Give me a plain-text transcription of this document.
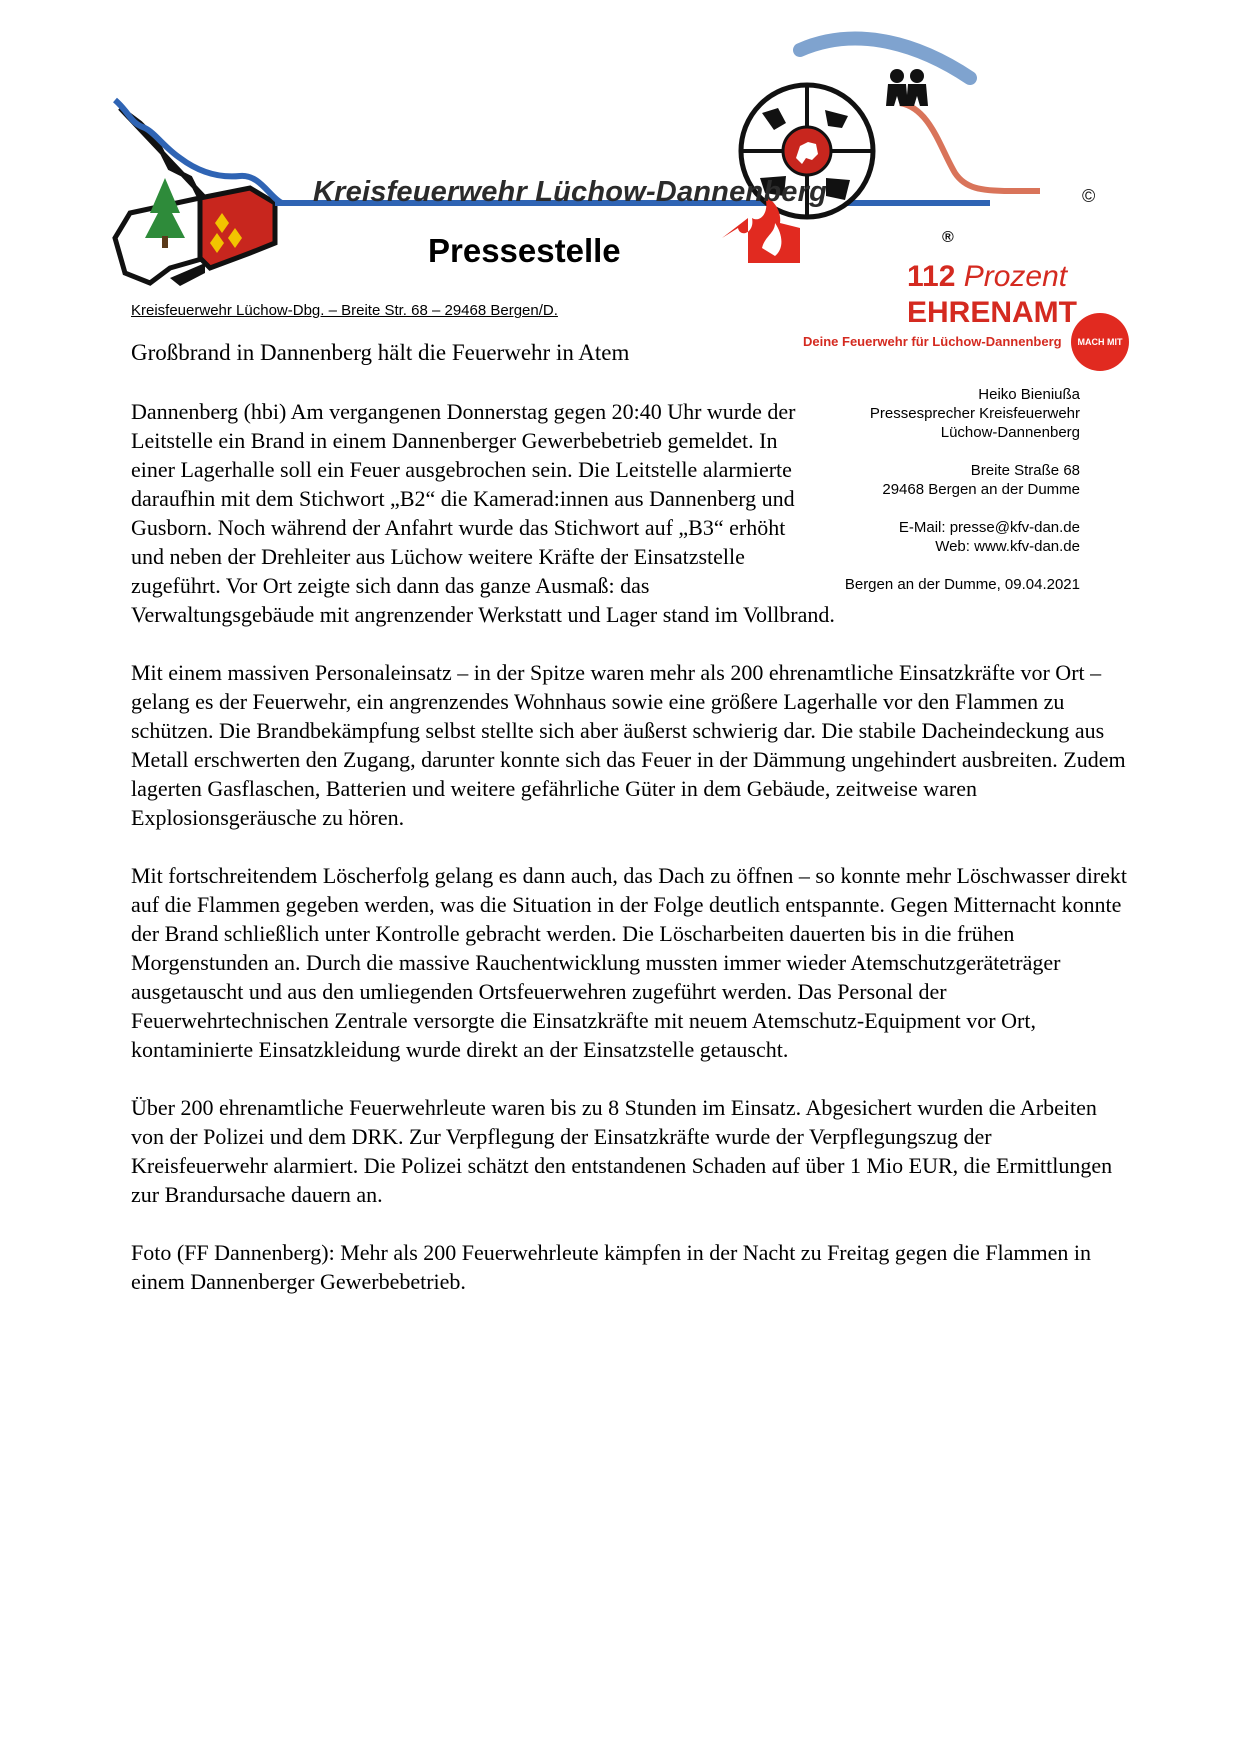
Kreisfeuerwehr Lüchow-Dannenberg
Pressestelle
©
®
Kreisfeuerwehr Lüchow-Dbg. – Breite Str. 68 – 29468 Bergen/D.
112 Prozent
EHRENAMT
Deine Feuerwehr für Lüchow-Dannenberg	MACH MIT
Großbrand in Dannenberg hält die Feuerwehr in Atem
Heiko Bieniußa
Pressesprecher Kreisfeuerwehr
Lüchow-Dannenberg
Breite Straße 68
29468 Bergen an der Dumme
E-Mail: presse@kfv-dan.de
Web: www.kfv-dan.de
Bergen an der Dumme, 09.04.2021

Dannenberg (hbi) Am vergangenen Donnerstag gegen 20:40 Uhr wurde der Leitstelle ein Brand in einem Dannenberger Gewerbebetrieb gemeldet. In einer Lagerhalle soll ein Feuer ausgebrochen sein. Die Leitstelle alarmierte daraufhin mit dem Stichwort „B2“ die Kamerad:innen aus Dannenberg und Gusborn. Noch während der Anfahrt wurde das Stichwort auf „B3“ erhöht und neben der Drehleiter aus Lüchow weitere Kräfte der Einsatzstelle zugeführt. Vor Ort zeigte sich dann das ganze Ausmaß: das Verwaltungsgebäude mit angrenzender Werkstatt und Lager stand im Vollbrand.

Mit einem massiven Personaleinsatz – in der Spitze waren mehr als 200 ehrenamtliche Einsatzkräfte vor Ort – gelang es der Feuerwehr, ein angrenzendes Wohnhaus sowie eine größere Lagerhalle vor den Flammen zu schützen. Die Brandbekämpfung selbst stellte sich aber äußerst schwierig dar. Die stabile Dacheindeckung aus Metall erschwerten den Zugang, darunter konnte sich das Feuer in der Dämmung ungehindert ausbreiten. Zudem lagerten Gasflaschen, Batterien und weitere gefährliche Güter in dem Gebäude, zeitweise waren Explosionsgeräusche zu hören.

Mit fortschreitendem Löscherfolg gelang es dann auch, das Dach zu öffnen – so konnte mehr Löschwasser direkt auf die Flammen gegeben werden, was die Situation in der Folge deutlich entspannte. Gegen Mitternacht konnte der Brand schließlich unter Kontrolle gebracht werden. Die Löscharbeiten dauerten bis in die frühen Morgenstunden an. Durch die massive Rauchentwicklung mussten immer wieder Atemschutzgeräteträger ausgetauscht und aus den umliegenden Ortsfeuerwehren zugeführt werden. Das Personal der Feuerwehrtechnischen Zentrale versorgte die Einsatzkräfte mit neuem Atemschutz-Equipment vor Ort, kontaminierte Einsatzkleidung wurde direkt an der Einsatzstelle getauscht.

Über 200 ehrenamtliche Feuerwehrleute waren bis zu 8 Stunden im Einsatz. Abgesichert wurden die Arbeiten von der Polizei und dem DRK. Zur Verpflegung der Einsatzkräfte wurde der Verpflegungszug der Kreisfeuerwehr alarmiert. Die Polizei schätzt den entstandenen Schaden auf über 1 Mio EUR, die Ermittlungen zur Brandursache dauern an.

Foto (FF Dannenberg): Mehr als 200 Feuerwehrleute kämpfen in der Nacht zu Freitag gegen die Flammen in einem Dannenberger Gewerbebetrieb.
